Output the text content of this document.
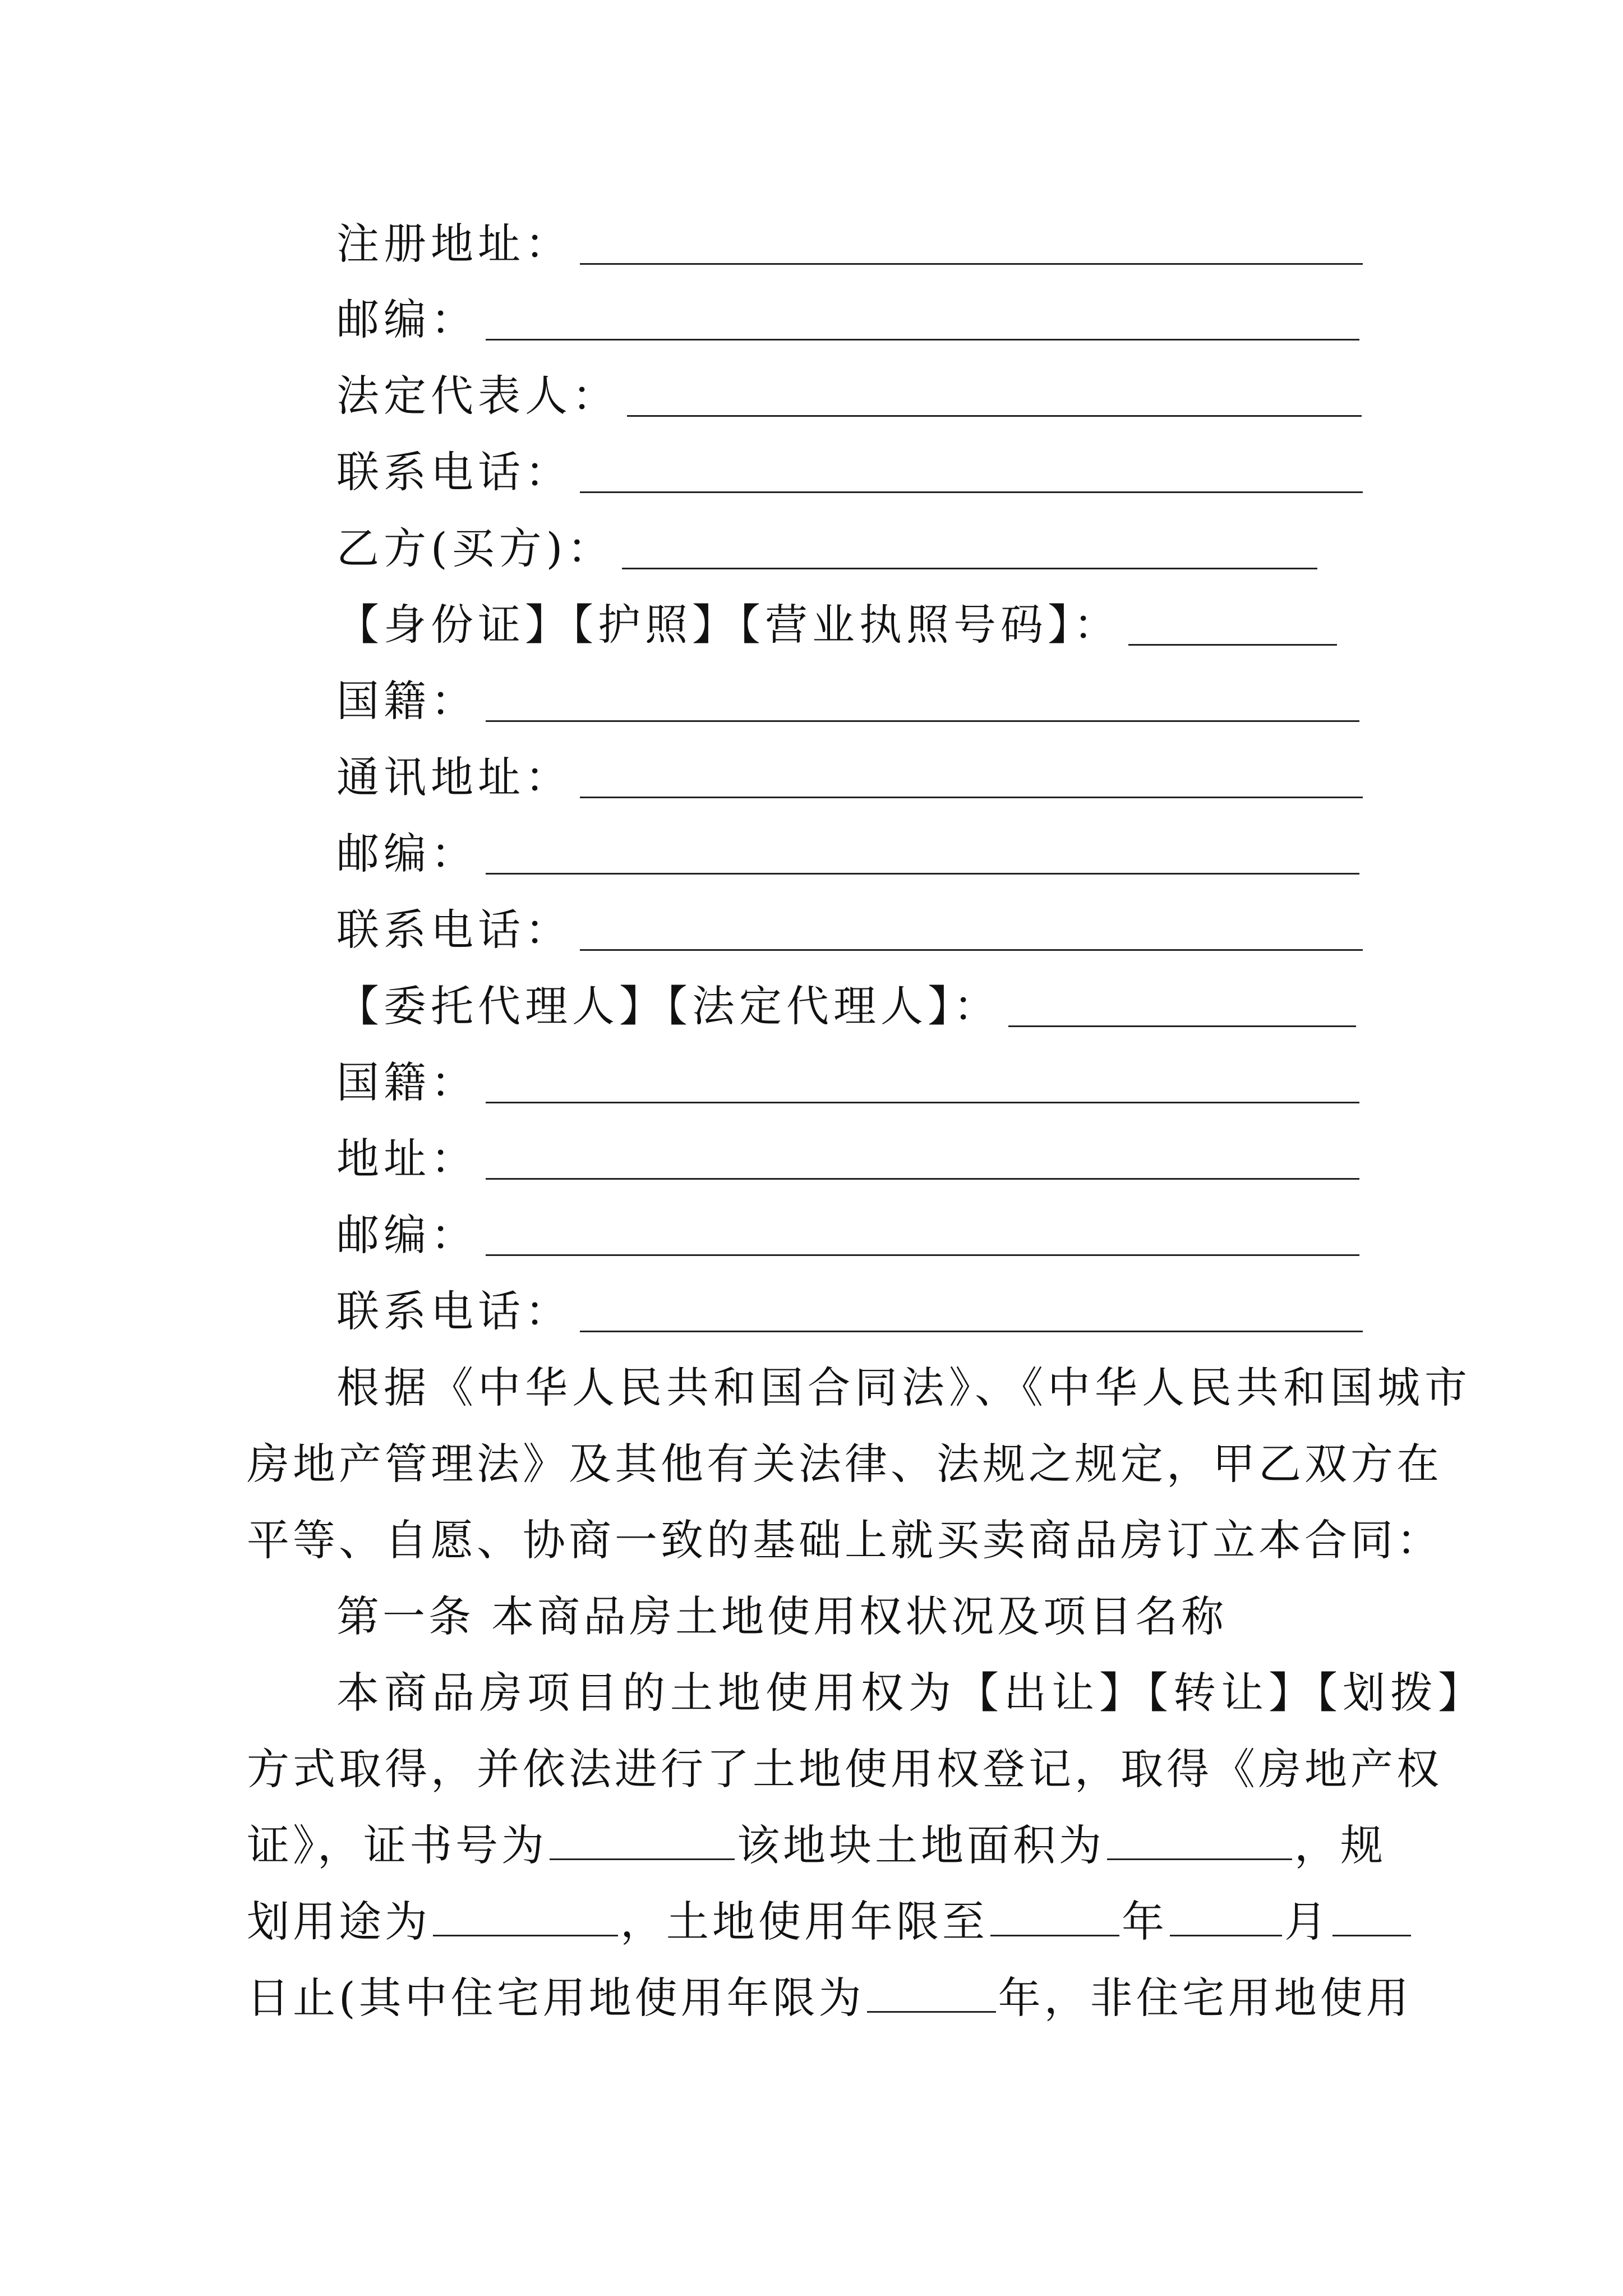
注册地址：
邮编：
法定代表人：
联系电话：
乙方(买方)：
【身份证】【护照】【营业执照号码】：
国籍：
通讯地址：
邮编：
联系电话：
【委托代理人】【法定代理人】：
国籍：
地址：
邮编：
联系电话：
根据《中华人民共和国合同法》、《中华人民共和国城市
房地产管理法》及其他有关法律、法规之规定，甲乙双方在
平等、自愿、协商一致的基础上就买卖商品房订立本合同：
第一条 本商品房土地使用权状况及项目名称
本商品房项目的土地使用权为【出让】【转让】【划拨】
方式取得，并依法进行了土地使用权登记，取得《房地产权
证》，证书号为	该地块土地面积为	，规
划用途为	，土地使用年限至	年	月
日止(其中住宅用地使用年限为	年，非住宅用地使用
